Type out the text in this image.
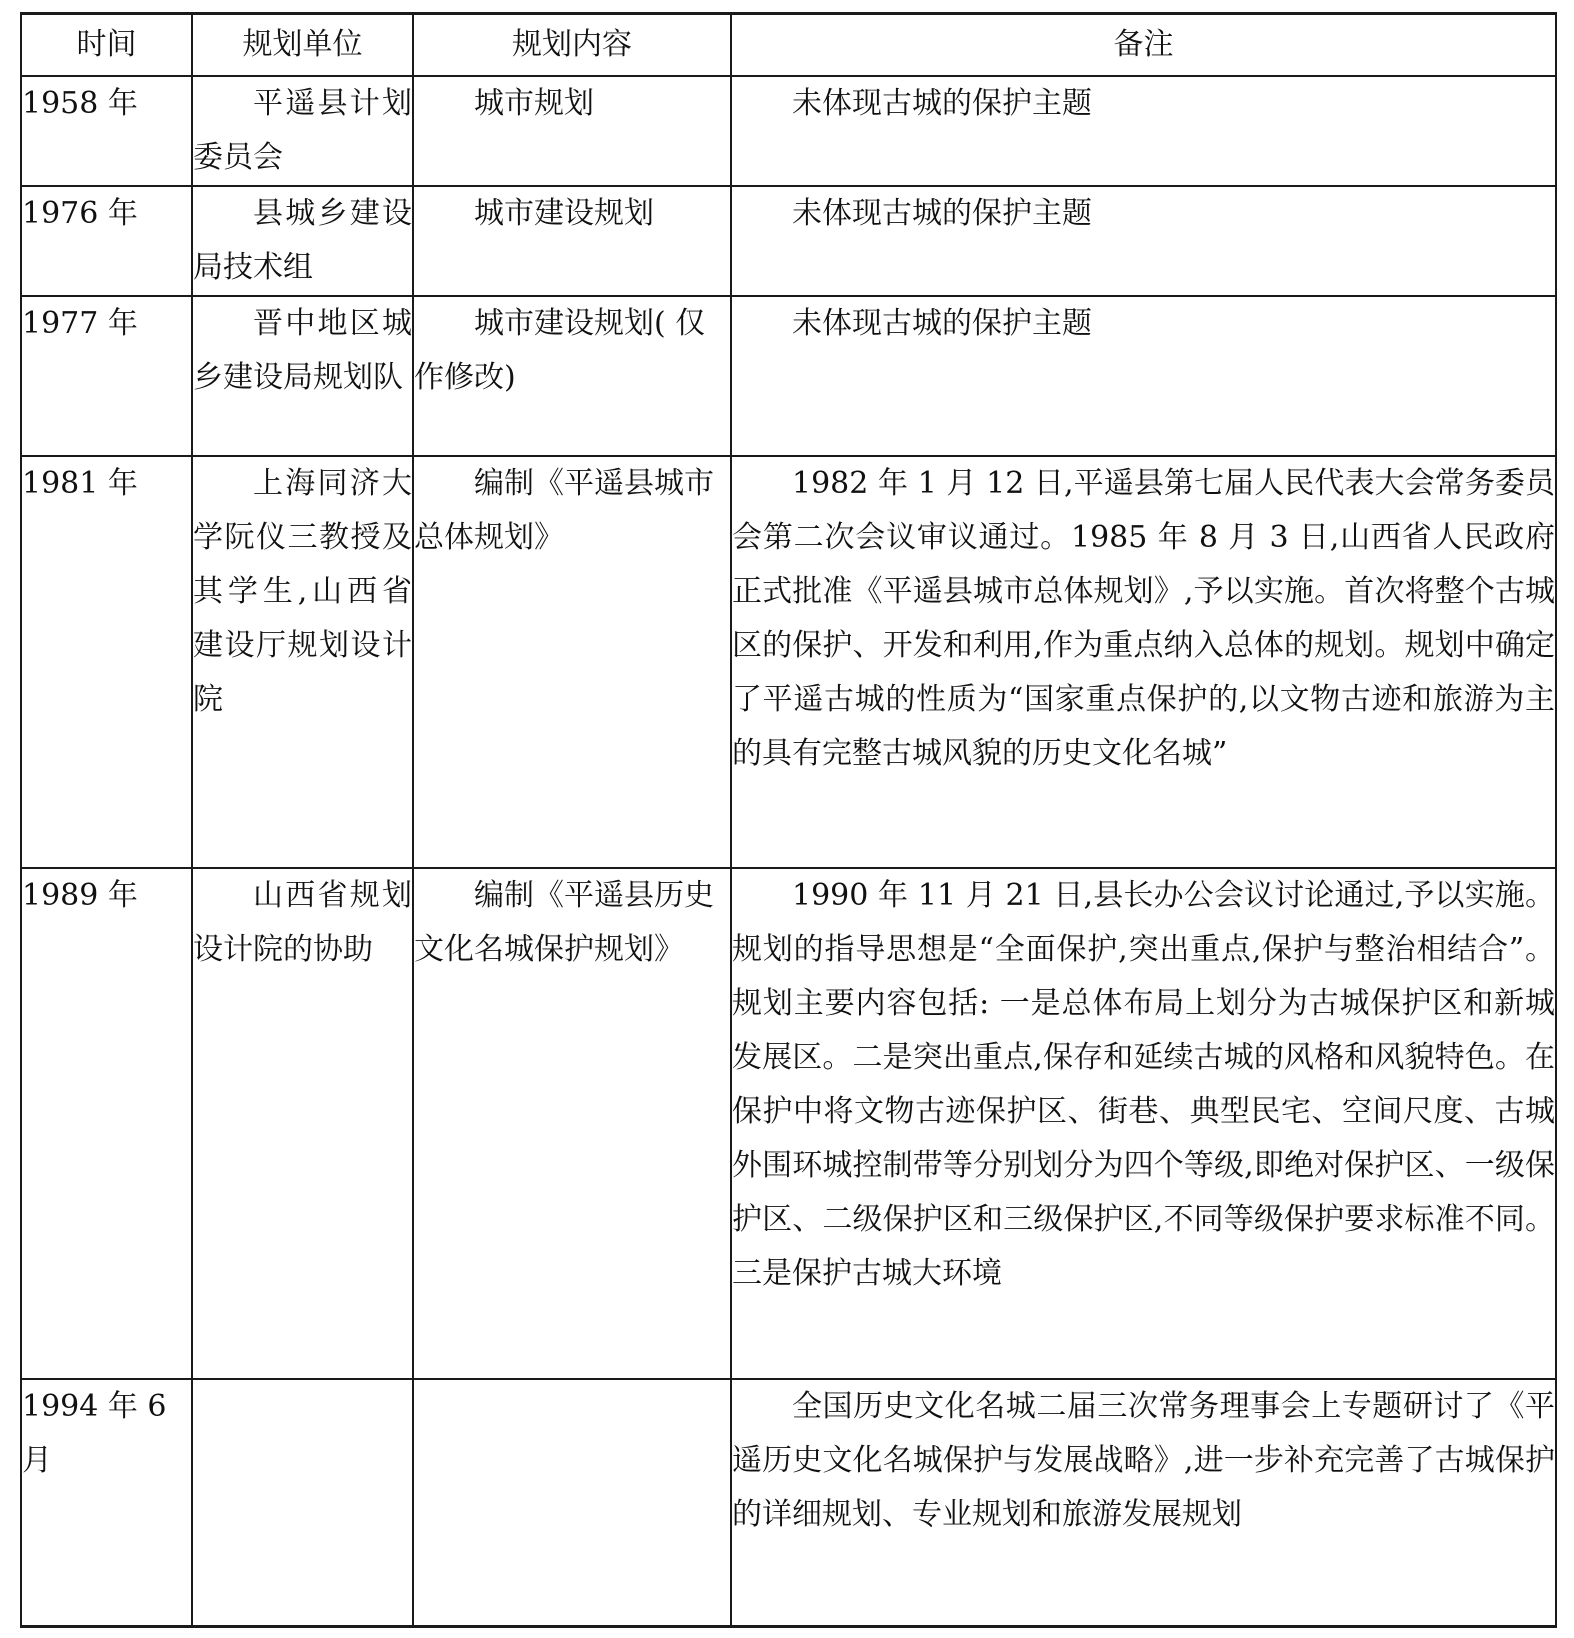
时间	规划单位	规划内容	备注
1958 年	平遥县计划委员会	城市规划	未体现古城的保护主题
1976 年	县城乡建设局技术组	城市建设规划	未体现古城的保护主题
1977 年	晋中地区城乡建设局规划队	城市建设规划( 仅作修改)	未体现古城的保护主题
1981 年	上海同济大学阮仪三教授及其学生,山西省建设厅规划设计院	编制《平遥县城市总体规划》	1982 年 1 月 12 日,平遥县第七届人民代表大会常务委员会第二次会议审议通过。1985 年 8 月 3 日,山西省人民政府正式批准《平遥县城市总体规划》,予以实施。首次将整个古城区的保护、开发和利用,作为重点纳入总体的规划。规划中确定了平遥古城的性质为“国家重点保护的,以文物古迹和旅游为主的具有完整古城风貌的历史文化名城”
1989 年	山西省规划设计院的协助	编制《平遥县历史文化名城保护规划》	1990 年 11 月 21 日,县长办公会议讨论通过,予以实施。规划的指导思想是“全面保护,突出重点,保护与整治相结合”。规划主要内容包括: 一是总体布局上划分为古城保护区和新城发展区。二是突出重点,保存和延续古城的风格和风貌特色。在保护中将文物古迹保护区、街巷、典型民宅、空间尺度、古城外围环城控制带等分别划分为四个等级,即绝对保护区、一级保护区、二级保护区和三级保护区,不同等级保护要求标准不同。三是保护古城大环境
1994 年 6 月			全国历史文化名城二届三次常务理事会上专题研讨了《平遥历史文化名城保护与发展战略》,进一步补充完善了古城保护的详细规划、专业规划和旅游发展规划
